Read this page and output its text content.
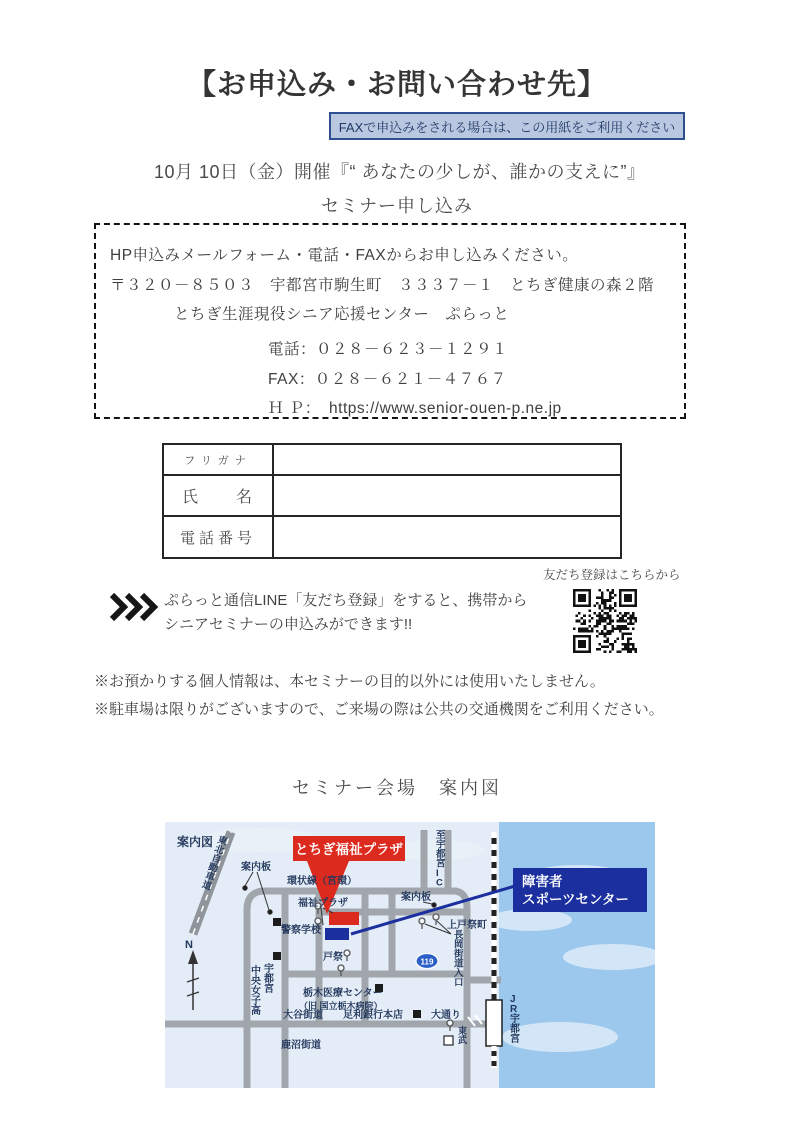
【お申込み・お問い合わせ先】
FAXで申込みをされる場合は、この用紙をご利用ください
10月 10日（金）開催『“ あなたの少しが、誰かの支えに”』
セミナー申し込み
HP申込みメールフォーム・電話・FAXからお申し込みください。
〒３２０－８５０３　宇都宮市駒生町　３３３７－１　とちぎ健康の森２階
とちぎ生涯現役シニア応援センター　ぷらっと
電話：０２８－６２３－１２９１
FAX：０２８－６２１－４７６７
Ｈ Ｐ：　https://www.senior-ouen-p.ne.jp
フリガナ	
氏　　名	
電話番号	
ぷらっと通信LINE「友だち登録」をすると、携帯から
シニアセミナーの申込みができます!!
友だち登録はこちらから
※お預かりする個人情報は、本セミナーの目的以外には使用いたしません。
※駐車場は限りがございますので、ご来場の際は公共の交通機関をご利用ください。
セミナー会場　案内図
N
障害者
スポーツセンター
とちぎ福祉プラザ
119
案内図 東北自動車道
案内板
環状線（宮環）
福祉プラザ
警察学校
至宇都宮 I C
案内板
上戸祭町
長岡街道入口
戸祭
栃木医療センター
（旧 国立栃木病院）
宇都宮
中央女子高 大谷街道 足利銀行本店	大通り
鹿沼街道
東武
J R 宇都宮
